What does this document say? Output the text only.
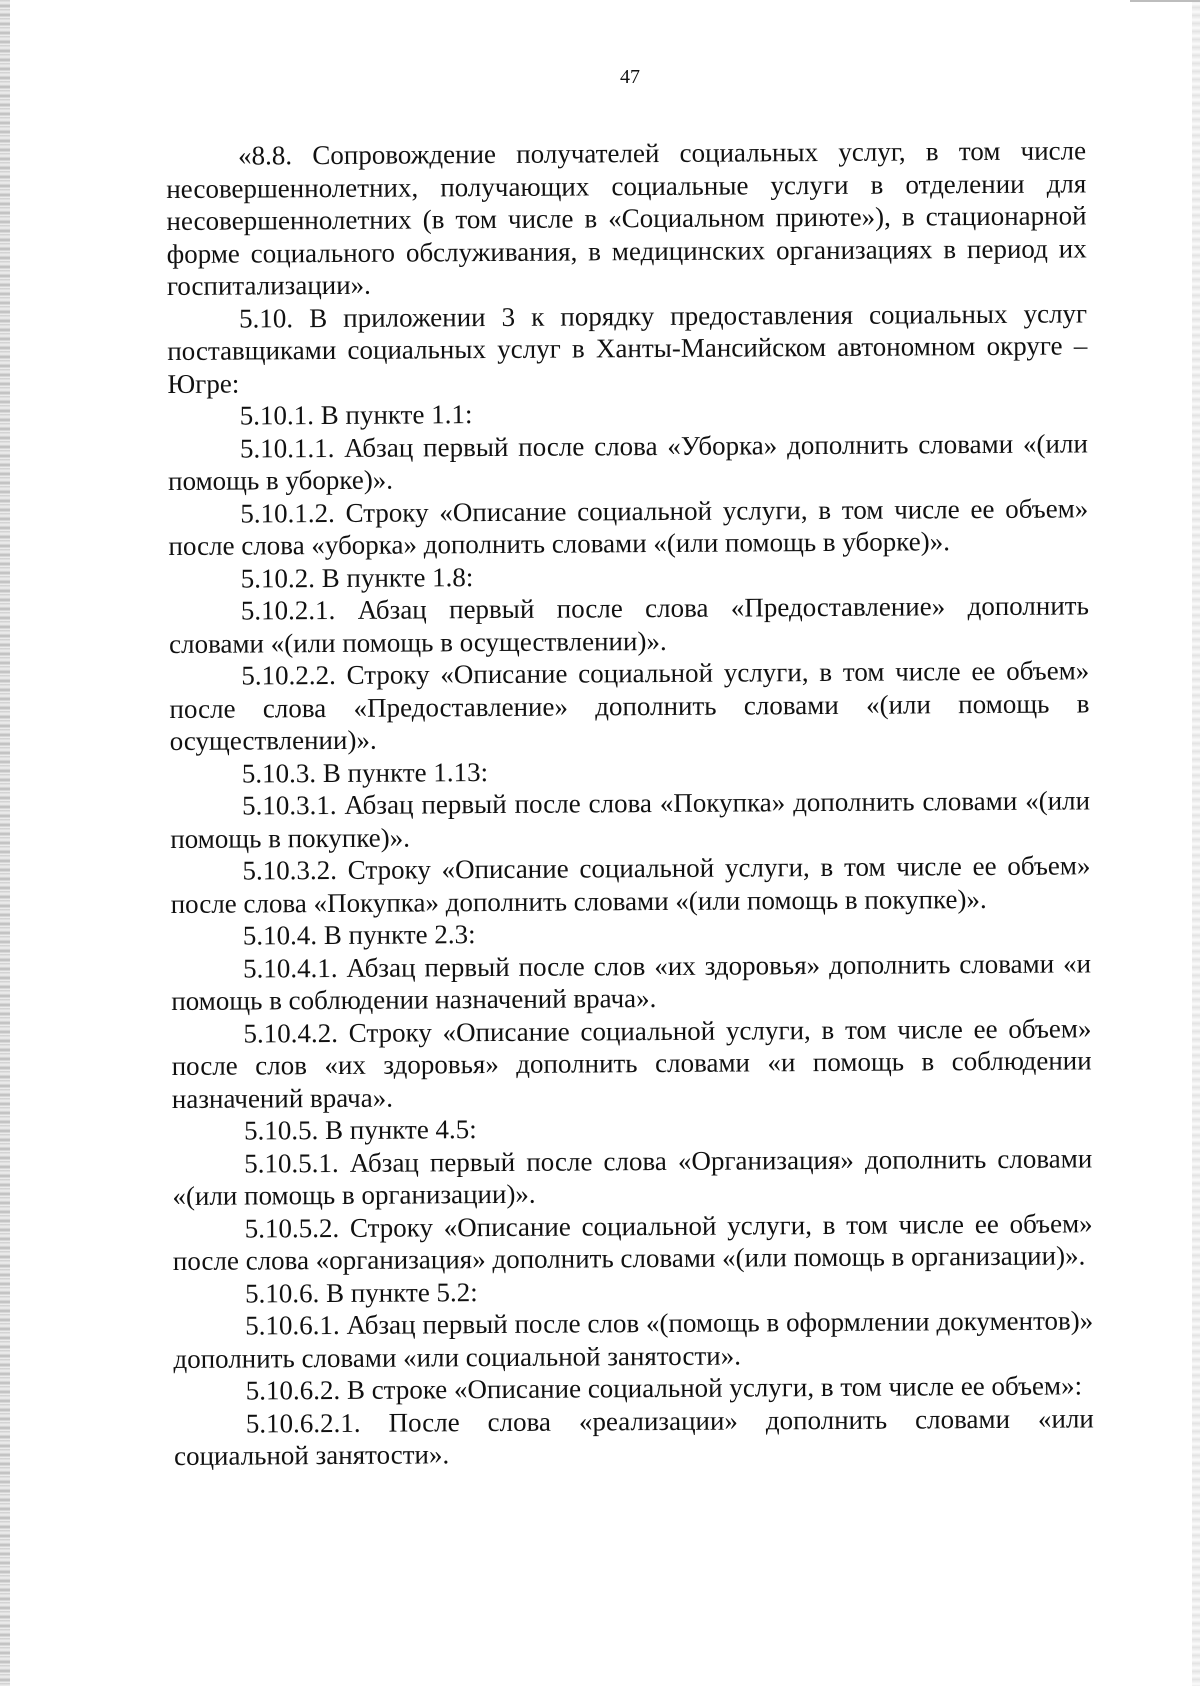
47

«8.8. Сопровождение получателей социальных услуг, в том числе несовершеннолетних, получающих социальные услуги в отделении для несовершеннолетних (в том числе в «Социальном приюте»), в стационарной форме социального обслуживания, в медицинских организациях в период их госпитализации».

5.10. В приложении 3 к порядку предоставления социальных услуг поставщиками социальных услуг в Ханты-Мансийском автономном округе – Югре:

5.10.1. В пункте 1.1:

5.10.1.1. Абзац первый после слова «Уборка» дополнить словами «(или помощь в уборке)».

5.10.1.2. Строку «Описание социальной услуги, в том числе ее объем» после слова «уборка» дополнить словами «(или помощь в уборке)».

5.10.2. В пункте 1.8:

5.10.2.1. Абзац первый после слова «Предоставление» дополнить словами «(или помощь в осуществлении)».

5.10.2.2. Строку «Описание социальной услуги, в том числе ее объем» после слова «Предоставление» дополнить словами «(или помощь в осуществлении)».

5.10.3. В пункте 1.13:

5.10.3.1. Абзац первый после слова «Покупка» дополнить словами «(или помощь в покупке)».

5.10.3.2. Строку «Описание социальной услуги, в том числе ее объем» после слова «Покупка» дополнить словами «(или помощь в покупке)».

5.10.4. В пункте 2.3:

5.10.4.1. Абзац первый после слов «их здоровья» дополнить словами «и помощь в соблюдении назначений врача».

5.10.4.2. Строку «Описание социальной услуги, в том числе ее объем» после слов «их здоровья» дополнить словами «и помощь в соблюдении назначений врача».

5.10.5. В пункте 4.5:

5.10.5.1. Абзац первый после слова «Организация» дополнить словами «(или помощь в организации)».

5.10.5.2. Строку «Описание социальной услуги, в том числе ее объем» после слова «организация» дополнить словами «(или помощь в организации)».

5.10.6. В пункте 5.2:

5.10.6.1. Абзац первый после слов «(помощь в оформлении документов)» дополнить словами «или социальной занятости».

5.10.6.2. В строке «Описание социальной услуги, в том числе ее объем»:

5.10.6.2.1. После слова «реализации» дополнить словами «или социальной занятости».
